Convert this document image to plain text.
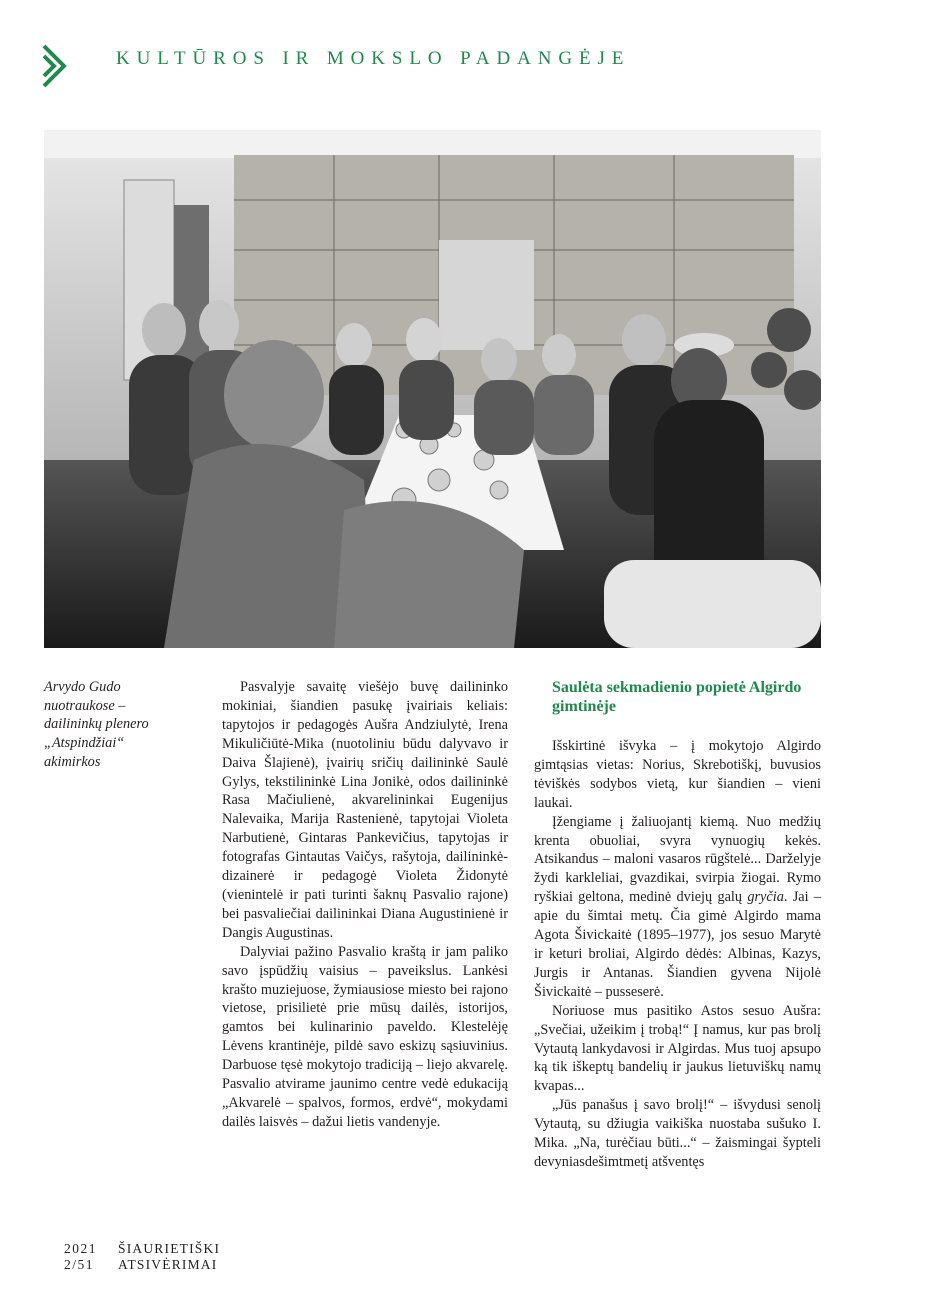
KULTŪROS IR MOKSLO PADANGĖJE
Arvydo Gudo
nuotraukose –
dailininkų plenero
„Atspindžiai“
akimirkos

Pasvalyje savaitę viešėjo buvę dailininko mokiniai, šiandien pasukę įvairiais keliais: tapytojos ir pedagogės Aušra Andziulytė, Irena Mikuličiūtė-Mika (nuotoliniu būdu dalyvavo ir Daiva Šlajienė), įvairių sričių dailininkė Saulė Gylys, tekstilininkė Lina Jonikė, odos dailininkė Rasa Mačiulienė, akvarelininkai Eugenijus Nalevaika, Marija Rastenienė, tapytojai Violeta Narbutienė, Gintaras Pankevičius, tapytojas ir fotografas Gintautas Vaičys, rašytoja, dailininkė-dizainerė ir pedagogė Violeta Židonytė (vienintelė ir pati turinti šaknų Pasvalio rajone) bei pasvaliečiai dailininkai Diana Augustinienė ir Dangis Augustinas.

Dalyviai pažino Pasvalio kraštą ir jam paliko savo įspūdžių vaisius – paveikslus. Lankėsi krašto muziejuose, žymiausiose miesto bei rajono vietose, prisilietė prie mūsų dailės, istorijos, gamtos bei kulinarinio paveldo. Klestelėję Lėvens krantinėje, pildė savo eskizų sąsiuvinius. Darbuose tęsė mokytojo tradiciją – liejo akvarelę. Pasvalio atvirame jaunimo centre vedė edukaciją „Akvarelė – spalvos, formos, erdvė“, mokydami dailės laisvės – dažui lietis vandenyje.

Saulėta sekmadienio popietė Algirdo gimtinėje

Išskirtinė išvyka – į mokytojo Algirdo gimtąsias vietas: Norius, Skrebotiškį, buvusios tėviškės sodybos vietą, kur šiandien – vieni laukai.

Įžengiame į žaliuojantį kiemą. Nuo medžių krenta obuoliai, svyra vynuogių kekės. Atsikandus – maloni vasaros rūgštelė... Darželyje žydi karkleliai, gvazdikai, svirpia žiogai. Rymo ryškiai geltona, medinė dviejų galų gryčia. Jai – apie du šimtai metų. Čia gimė Algirdo mama Agota Šivickaitė (1895–1977), jos sesuo Marytė ir keturi broliai, Algirdo dėdės: Albinas, Kazys, Jurgis ir Antanas. Šiandien gyvena Nijolė Šivickaitė – pusseserė.

Noriuose mus pasitiko Astos sesuo Aušra: „Svečiai, užeikim į trobą!“ Į namus, kur pas brolį Vytautą lankydavosi ir Algirdas. Mus tuoj apsupo ką tik iškeptų bandelių ir jaukus lietuviškų namų kvapas...

„Jūs panašus į savo brolį!“ – išvydusi senolį Vytautą, su džiugia vaikiška nuostaba sušuko I. Mika. „Na, turėčiau būti...“ – žaismingai šypteli devyniasdešimtmetį atšventęs

2021
2/51
ŠIAURIETIŠKI
ATSIVĖRIMAI
